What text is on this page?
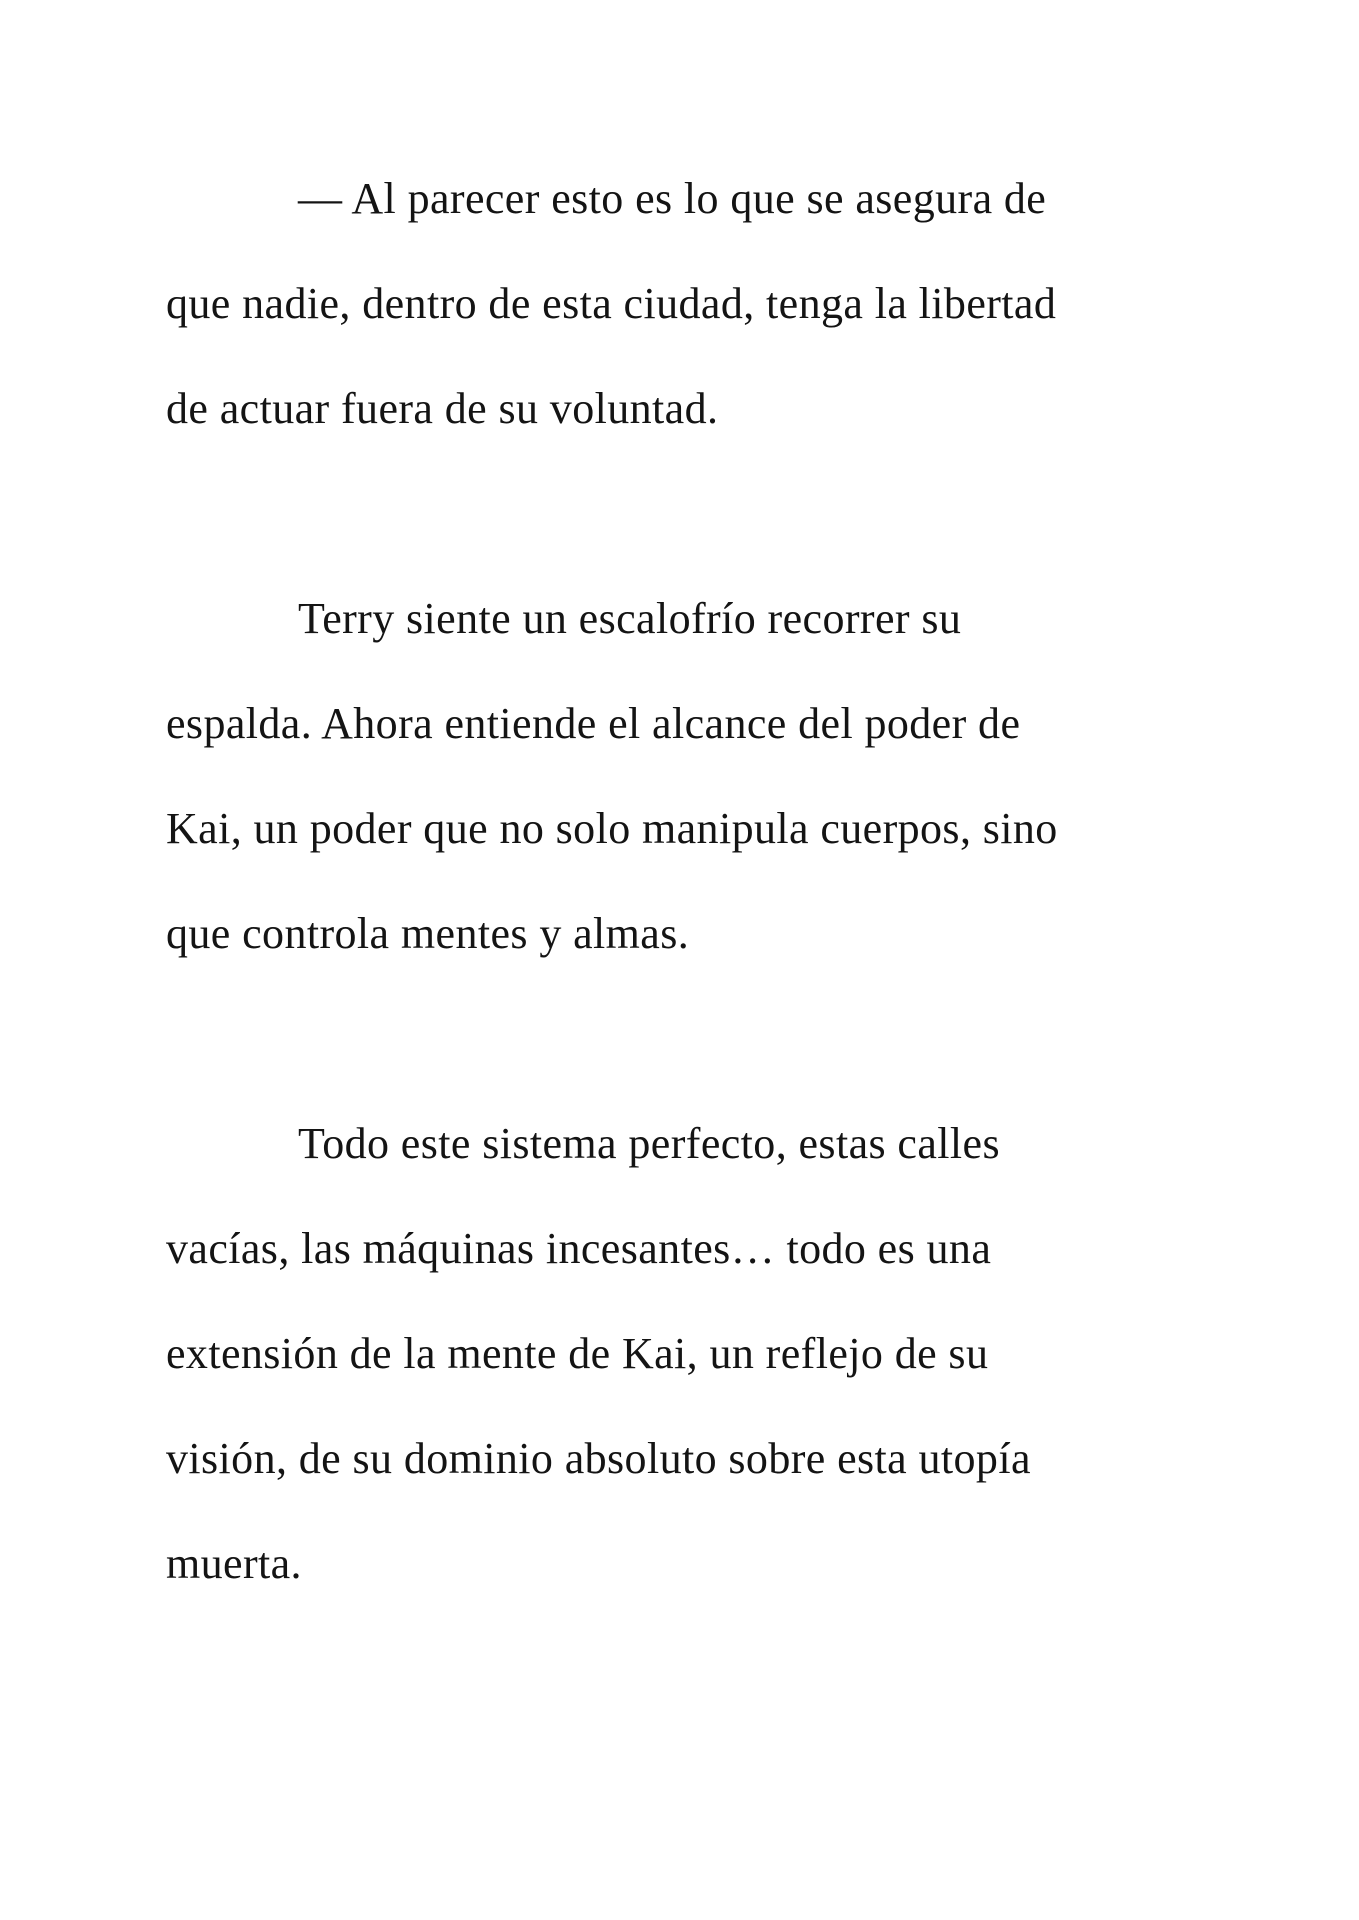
— Al parecer esto es lo que se asegura de
que nadie, dentro de esta ciudad, tenga la libertad
de actuar fuera de su voluntad.

Terry siente un escalofrío recorrer su
espalda. Ahora entiende el alcance del poder de
Kai, un poder que no solo manipula cuerpos, sino
que controla mentes y almas.

Todo este sistema perfecto, estas calles
vacías, las máquinas incesantes… todo es una
extensión de la mente de Kai, un reflejo de su
visión, de su dominio absoluto sobre esta utopía
muerta.
